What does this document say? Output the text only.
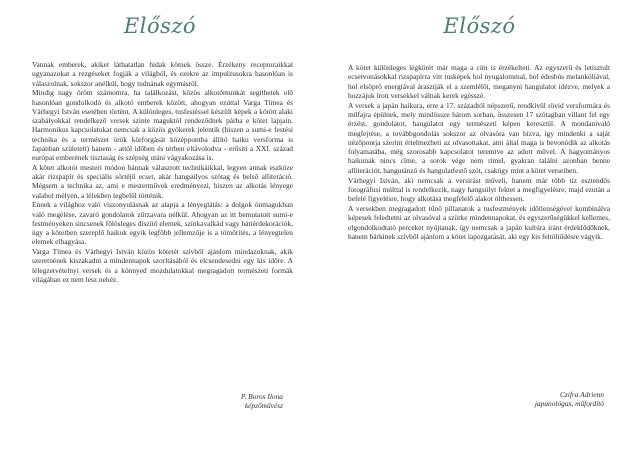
Előszó

Vannak emberek, akiket láthatatlan hidak kötnek össze. Érzékeny receptoraikkal ugyanazokat a rezgéseket fogják a világból, és ezekre az impulzusokra hasonlóan is válaszolnak, sokszor anélkül, hogy tudnának egymásról.

Mindig nagy öröm számomra, ha találkozást, közös alkotómunkát segíthetek elő hasonlóan gondolkodó és alkotó emberek között, ahogyan ezúttal Varga Tímea és Várhegyi István esetében történt. A különleges, tusfestéssel készült képek a kötött alaki szabályokkal rendelkező versek szinte maguktól rendeződnek párba e kötet lapjain. Harmonikus kapcsolatukat nemcsak a közös gyökerek jelentik (hiszen a sumi-e festési technika és a természet örök körforgását középpontba állító haiku versforma is Japánban született) hanem - attól időben és térben eltávolodva - erősíti a XXI. század európai emberének tisztaság és szépség utáni vágyakozása is.

A kötet alkotói mesteri módon bánnak választott technikáikkal, legyen annak eszköze akár rizspapír és speciális sörtéjű ecset, akár hangsúlyos szótag és belső alliteráció. Mégsem a technika az, ami e mesterművek eredményezi, hiszen az alkotás lényege valahol mélyen, a lélekben legbelül történik.

Ennek a világhoz való viszonyulásnak az alapja a lényeglátás: a dolgok önmagukban való megélése, zavaró gondolatok zűrzavara nélkül. Ahogyan az itt bemutatott sumi-e festményeken sincsenek fölösleges díszítő elemek, színkavalkád vagy háttérdekorációk, úgy a kötetben szereplő haikuk egyik legfőbb jellemzője is a tömörítés, a lényegtelen elemek elhagyása.

Varga Tímea és Várhegyi István közös kötetét szívből ajánlom mindazoknak, akik szeretnének kiszakadni a mindennapok szorításából és elcsendesedni egy kis időre. A lélegzetvételnyi versek és a könnyed mozdulatokkal megragadott természeti formák világában ez nem lesz nehéz.

P. Boros Ilona
képzőművész
Előszó

A kötet különleges légkörét már maga a cím is érzékelteti. Az egyszerű és letisztult ecsetvonásokkal rizspapírra vitt tusképek hol nyugalommal, hol édesbús melankóliával, hol elsöprő energiával árasztják el a szemlélőt, meganyni hangulatot idézve, melyek a hozzájuk írott versekkel válnak kerek egésszé.

A versek a japán haikura, erre a 17. századtól népszerű, rendkívül rövid versformára és műfajra épülnek, mely mindössze három sorban, összesen 17 szótagban villant fel egy érzést, gondolatot, hangulatot egy természeti képen keresztül. A mondanivaló megfejtése, a továbbgondolás sokszor az olvasóra van bízva, így mindenki a saját nézőpontja szerint értelmezheti az olvasottakat, ami által maga is bevonódik az alkotás folyamatába, még szorosabb kapcsolatot teremtve az adott művel. A hagyományos haikunak nincs címe, a sorok vége nem rímel, gyakran találni azonban benne alliterációt, hangutánzó és hangulatfestő szót, csakúgy mint a kötet verseiben.

Várhegyi István, aki nemcsak a versírást műveli, hanem már több tíz esztendős fotográfusi múlttal is rendelkezik, nagy hangsúlyt fektet a megfigyelésre, majd ezután a befelé figyelésre, hogy alkotása megfelelő alakot ölthessen.

A versekben megragadott tűnő pillanatok a tusfestmények időtlenségével kombinálva képesek feledtetni az olvasóval a szürke mindennapokat, és egyszerűségükkel kellemes, elgondolkodtató perceket nyújtanak, így nemcsak a japán kultúra iránt érdeklődőknek, hanem bárkinek szívből ajánlom a kötet lapozgatását, aki egy kis feltöltődésre vágyik.

Czifra Adrienn
japanológus, műfordító
